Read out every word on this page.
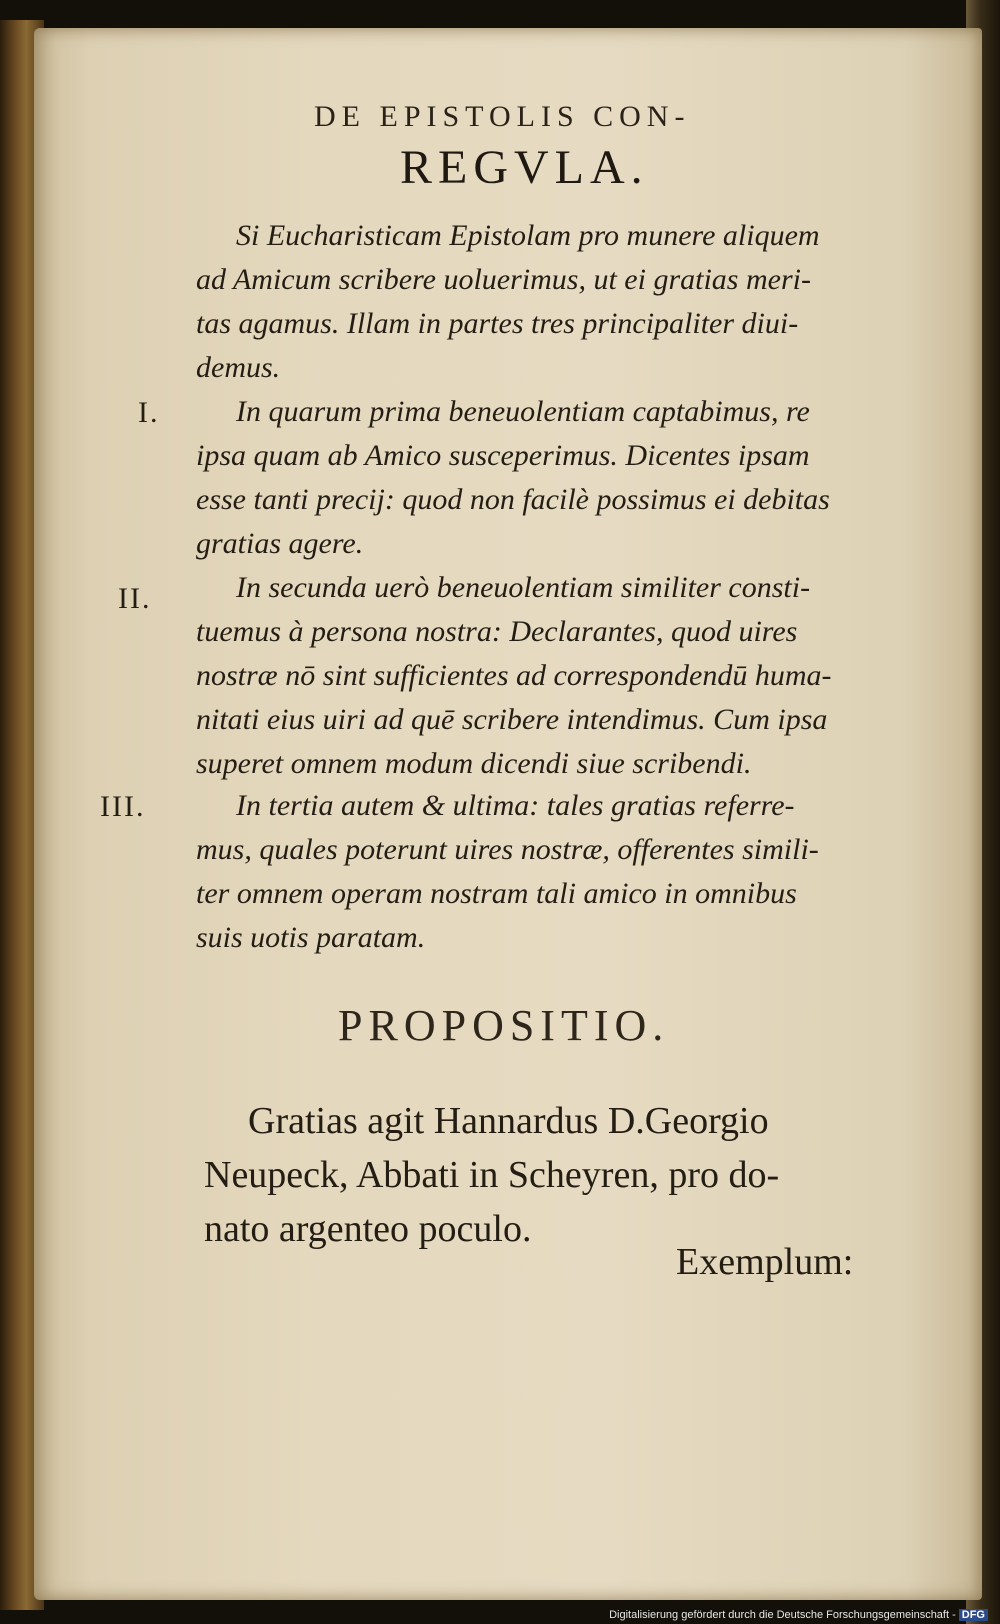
DE EPISTOLIS CON-
REGVLA.
Si Eucharisticam Epistolam pro munere aliquem
ad Amicum scribere uoluerimus, ut ei gratias meri-
tas agamus. Illam in partes tres principaliter diui-
demus.
I.	In quarum prima beneuolentiam captabimus, re
ipsa quam ab Amico susceperimus. Dicentes ipsam
esse tanti precij: quod non facilè possimus ei debitas
gratias agere.
II.	In secunda uerò beneuolentiam similiter consti-
tuemus à persona nostra: Declarantes, quod uires
nostræ nō sint sufficientes ad correspondendū huma-
nitati eius uiri ad quē scribere intendimus. Cum ipsa
superet omnem modum dicendi siue scribendi.
III.	In tertia autem & ultima: tales gratias referre-
mus, quales poterunt uires nostræ, offerentes simili-
ter omnem operam nostram tali amico in omnibus
suis uotis paratam.
PROPOSITIO.
Gratias agit Hannardus D.Georgio
Neupeck, Abbati in Scheyren, pro do-
nato argenteo poculo.
Exemplum:
Digitalisierung gefördert durch die Deutsche Forschungsgemeinschaft - DFG
